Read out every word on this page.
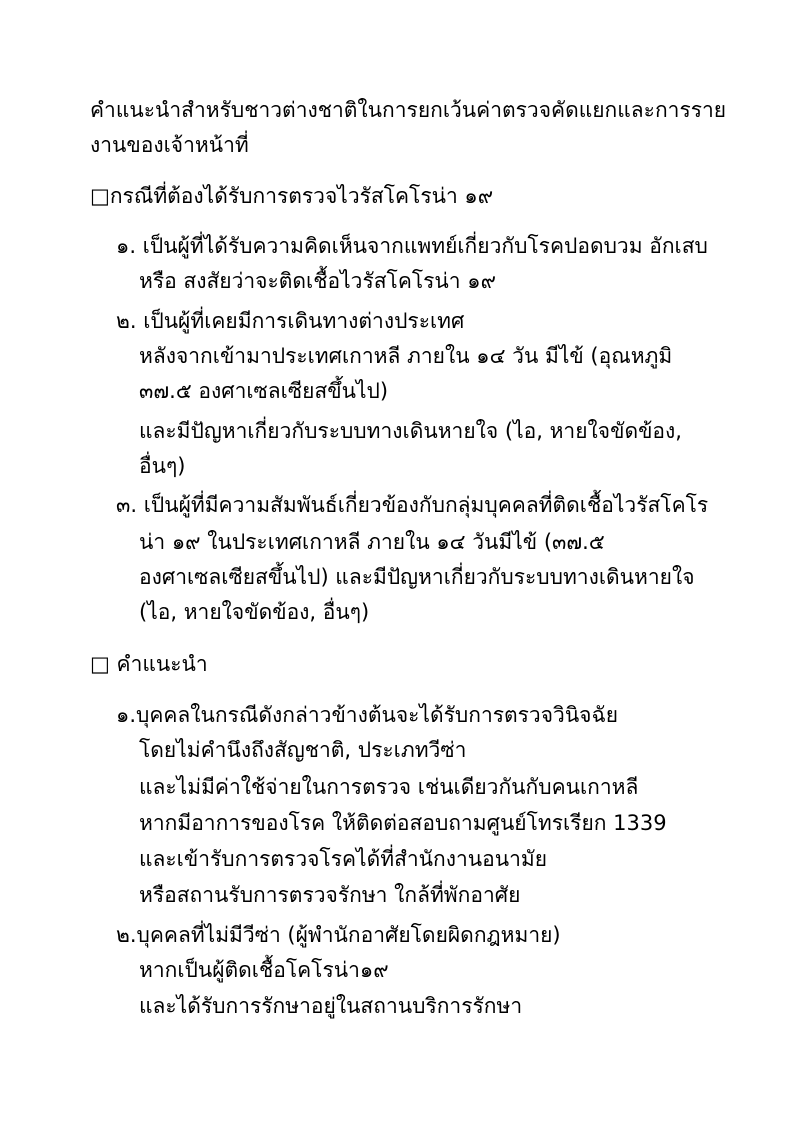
คำแนะนำสำหรับชาวต่างชาติในการยกเว้นค่าตรวจคัดแยกและการราย
งานของเจ้าหน้าที่
□กรณีที่ต้องได้รับการตรวจไวรัสโคโรน่า ๑๙
๑. เป็นผู้ที่ได้รับความคิดเห็นจากแพทย์เกี่ยวกับโรคปอดบวม อักเสบ
หรือ สงสัยว่าจะติดเชื้อไวรัสโคโรน่า ๑๙
๒. เป็นผู้ที่เคยมีการเดินทางต่างประเทศ
หลังจากเข้ามาประเทศเกาหลี ภายใน ๑๔ วัน มีไข้ (อุณหภูมิ
๓๗.๕ องศาเซลเซียสขึ้นไป)
และมีปัญหาเกี่ยวกับระบบทางเดินหายใจ (ไอ, หายใจขัดข้อง,
อื่นๆ)
๓. เป็นผู้ที่มีความสัมพันธ์เกี่ยวข้องกับกลุ่มบุคคลที่ติดเชื้อไวรัสโคโร
น่า ๑๙ ในประเทศเกาหลี ภายใน ๑๔ วันมีไข้ (๓๗.๕
องศาเซลเซียสขึ้นไป) และมีปัญหาเกี่ยวกับระบบทางเดินหายใจ
(ไอ, หายใจขัดข้อง, อื่นๆ)
□ คำแนะนำ
๑.บุคคลในกรณีดังกล่าวข้างต้นจะได้รับการตรวจวินิจฉัย
โดยไม่คำนึงถึงสัญชาติ, ประเภทวีซ่า
และไม่มีค่าใช้จ่ายในการตรวจ เช่นเดียวกันกับคนเกาหลี
หากมีอาการของโรค ให้ติดต่อสอบถามศูนย์โทรเรียก 1339
และเข้ารับการตรวจโรคได้ที่สำนักงานอนามัย
หรือสถานรับการตรวจรักษา ใกล้ที่พักอาศัย
๒.บุคคลที่ไม่มีวีซ่า (ผู้พำนักอาศัยโดยผิดกฎหมาย)
หากเป็นผู้ติดเชื้อโคโรน่า๑๙
และได้รับการรักษาอยู่ในสถานบริการรักษา
